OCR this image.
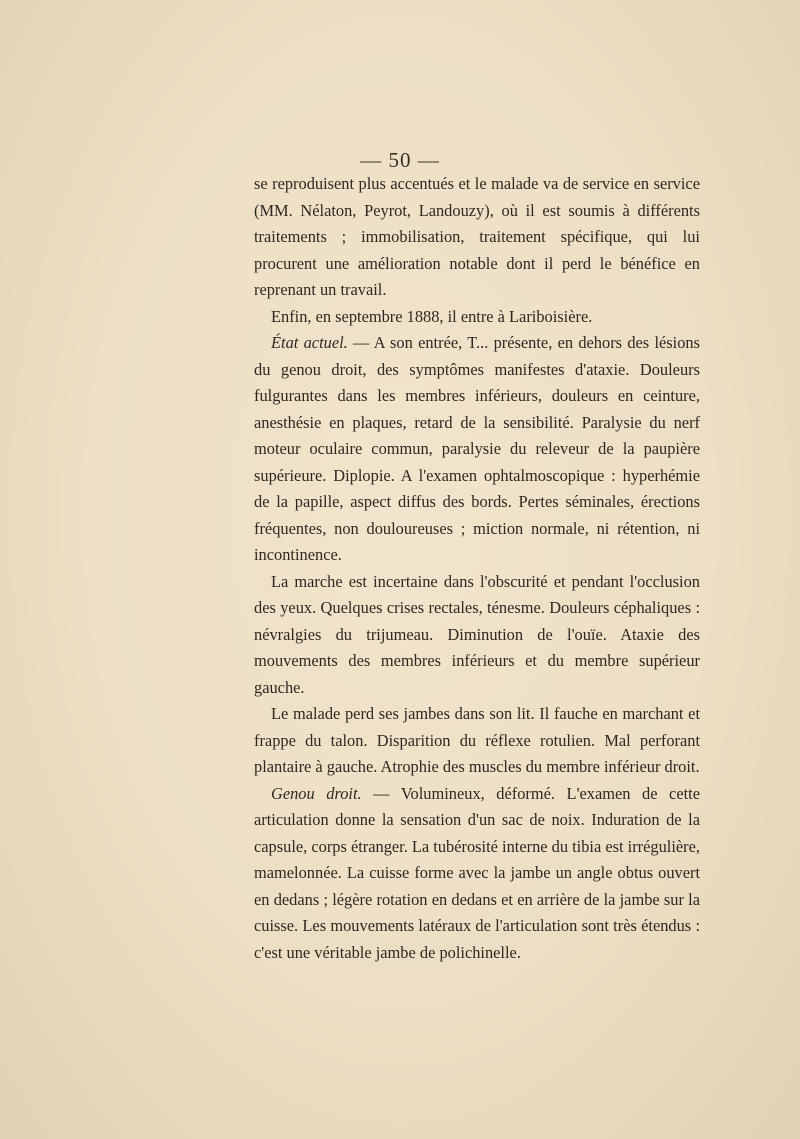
— 50 —

se reproduisent plus accentués et le malade va de service en service (MM. Nélaton, Peyrot, Landouzy), où il est soumis à différents traitements ; immobilisation, traitement spécifique, qui lui procurent une amélioration notable dont il perd le bénéfice en reprenant un travail.

Enfin, en septembre 1888, il entre à Lariboisière.

État actuel. — A son entrée, T... présente, en dehors des lésions du genou droit, des symptômes manifestes d'ataxie. Douleurs fulgurantes dans les membres inférieurs, douleurs en ceinture, anesthésie en plaques, retard de la sensibilité. Paralysie du nerf moteur oculaire commun, paralysie du releveur de la paupière supérieure. Diplopie. A l'examen ophtalmoscopique : hyperhémie de la papille, aspect diffus des bords. Pertes séminales, érections fréquentes, non douloureuses ; miction normale, ni rétention, ni incontinence.

La marche est incertaine dans l'obscurité et pendant l'occlusion des yeux. Quelques crises rectales, ténesme. Douleurs céphaliques : névralgies du trijumeau. Diminution de l'ouïe. Ataxie des mouvements des membres inférieurs et du membre supérieur gauche.

Le malade perd ses jambes dans son lit. Il fauche en marchant et frappe du talon. Disparition du réflexe rotulien. Mal perforant plantaire à gauche. Atrophie des muscles du membre inférieur droit.

Genou droit. — Volumineux, déformé. L'examen de cette articulation donne la sensation d'un sac de noix. Induration de la capsule, corps étranger. La tubérosité interne du tibia est irrégulière, mamelonnée. La cuisse forme avec la jambe un angle obtus ouvert en dedans ; légère rotation en dedans et en arrière de la jambe sur la cuisse. Les mouvements latéraux de l'articulation sont très étendus : c'est une véritable jambe de polichinelle.
